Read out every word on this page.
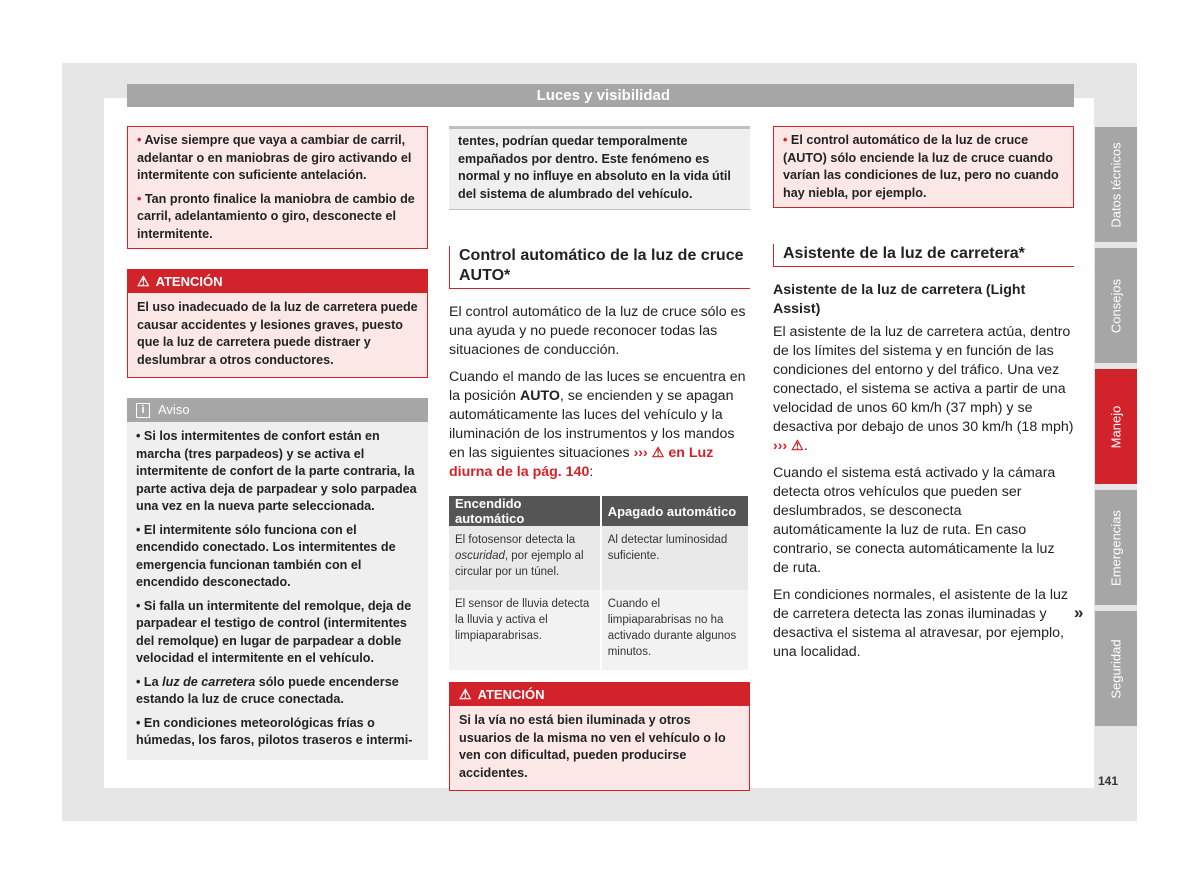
Luces y visibilidad

• Avise siempre que vaya a cambiar de carril, adelantar o en maniobras de giro activando el intermitente con suficiente antelación.

• Tan pronto finalice la maniobra de cambio de carril, adelantamiento o giro, desconecte el intermitente.

⚠ ATENCIÓN
El uso inadecuado de la luz de carretera puede causar accidentes y lesiones graves, puesto que la luz de carretera puede distraer y deslumbrar a otros conductores.
i Aviso

• Si los intermitentes de confort están en marcha (tres parpadeos) y se activa el intermitente de confort de la parte contraria, la parte activa deja de parpadear y solo parpadea una vez en la nueva parte seleccionada.

• El intermitente sólo funciona con el encendido conectado. Los intermitentes de emergencia funcionan también con el encendido desconectado.

• Si falla un intermitente del remolque, deja de parpadear el testigo de control (intermitentes del remolque) en lugar de parpadear a doble velocidad el intermitente en el vehículo.

• La luz de carretera sólo puede encenderse estando la luz de cruce conectada.

• En condiciones meteorológicas frías o húmedas, los faros, pilotos traseros e intermi-

tentes, podrían quedar temporalmente empañados por dentro. Este fenómeno es normal y no influye en absoluto en la vida útil del sistema de alumbrado del vehículo.
Control automático de la luz de cruce AUTO*

El control automático de la luz de cruce sólo es una ayuda y no puede reconocer todas las situaciones de conducción.

Cuando el mando de las luces se encuentra en la posición AUTO, se encienden y se apagan automáticamente las luces del vehículo y la iluminación de los instrumentos y los mandos en las siguientes situaciones ››› ⚠ en Luz diurna de la pág. 140:

Encendido automático	Apagado automático
El fotosensor detecta la oscuridad, por ejemplo al circular por un túnel.	Al detectar luminosidad suficiente.
El sensor de lluvia detecta la lluvia y activa el limpiaparabrisas.	Cuando el limpiaparabrisas no ha activado durante algunos minutos.
⚠ ATENCIÓN
Si la vía no está bien iluminada y otros usuarios de la misma no ven el vehículo o lo ven con dificultad, pueden producirse accidentes.

• El control automático de la luz de cruce (AUTO) sólo enciende la luz de cruce cuando varían las condiciones de luz, pero no cuando hay niebla, por ejemplo.

Asistente de la luz de carretera*

Asistente de la luz de carretera (Light Assist)

El asistente de la luz de carretera actúa, dentro de los límites del sistema y en función de las condiciones del entorno y del tráfico. Una vez conectado, el sistema se activa a partir de una velocidad de unos 60 km/h (37 mph) y se desactiva por debajo de unos 30 km/h (18 mph) ››› ⚠.

Cuando el sistema está activado y la cámara detecta otros vehículos que pueden ser deslumbrados, se desconecta automáticamente la luz de ruta. En caso contrario, se conecta automáticamente la luz de ruta.

En condiciones normales, el asistente de la luz de carretera detecta las zonas iluminadas y desactiva el sistema al atravesar, por ejemplo, una localidad.

»
Datos técnicos
Consejos
Manejo
Emergencias
Seguridad
141
